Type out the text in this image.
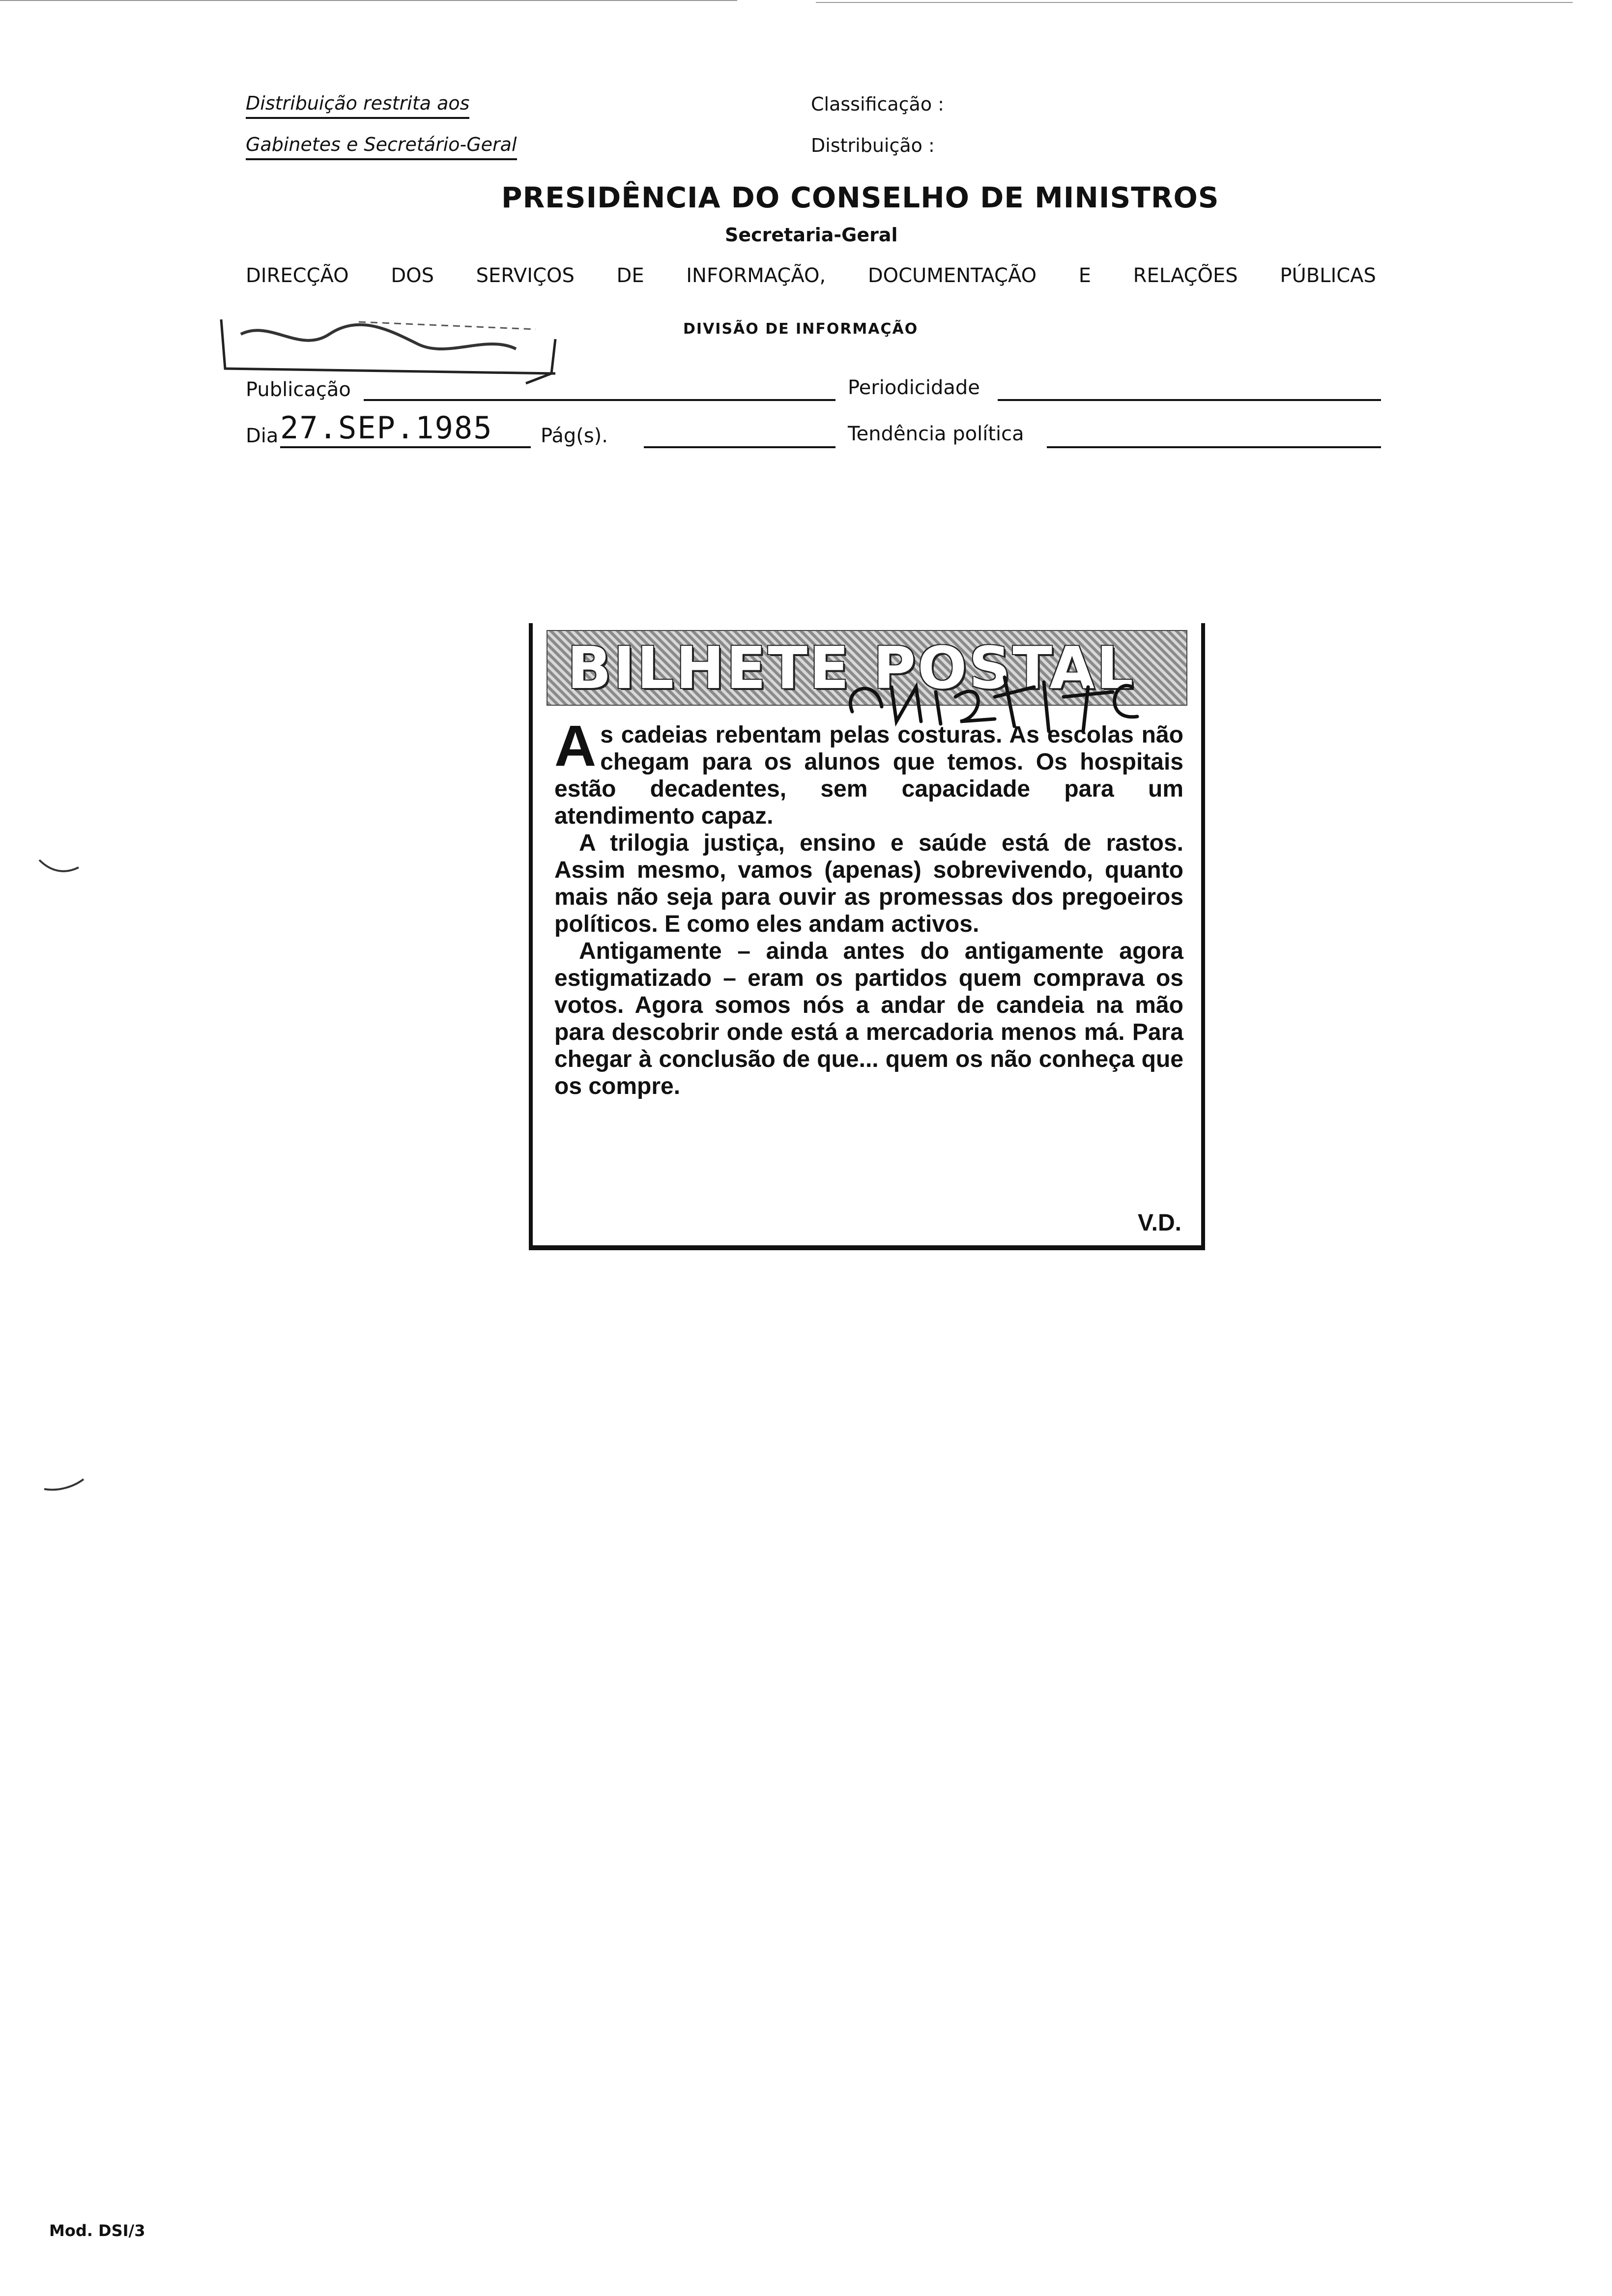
Distribuição restrita aos
Gabinetes e Secretário-Geral
Classificação :
Distribuição :
PRESIDÊNCIA DO CONSELHO DE MINISTROS
Secretaria-Geral
DIRECÇÃO DOS SERVIÇOS DE INFORMAÇÃO, DOCUMENTAÇÃO E RELAÇÕES PÚBLICAS
DIVISÃO DE INFORMAÇÃO
Publicação	Periodicidade
Dia 27.SEP.1985 Pág(s).	Tendência política
BILHETE POSTAL

As cadeias rebentam pelas costuras. As escolas não chegam para os alunos que temos. Os hospitais estão decadentes, sem capacidade para um atendimento capaz.

A trilogia justiça, ensino e saúde está de rastos. Assim mesmo, vamos (apenas) sobrevivendo, quanto mais não seja para ouvir as promessas dos pregoeiros políticos. E como eles andam activos.

Antigamente – ainda antes do antigamente agora estigmatizado – eram os partidos quem comprava os votos. Agora somos nós a andar de candeia na mão para descobrir onde está a mercadoria menos má. Para chegar à conclusão de que... quem os não conheça que os compre.

V.D.
Mod. DSI/3
